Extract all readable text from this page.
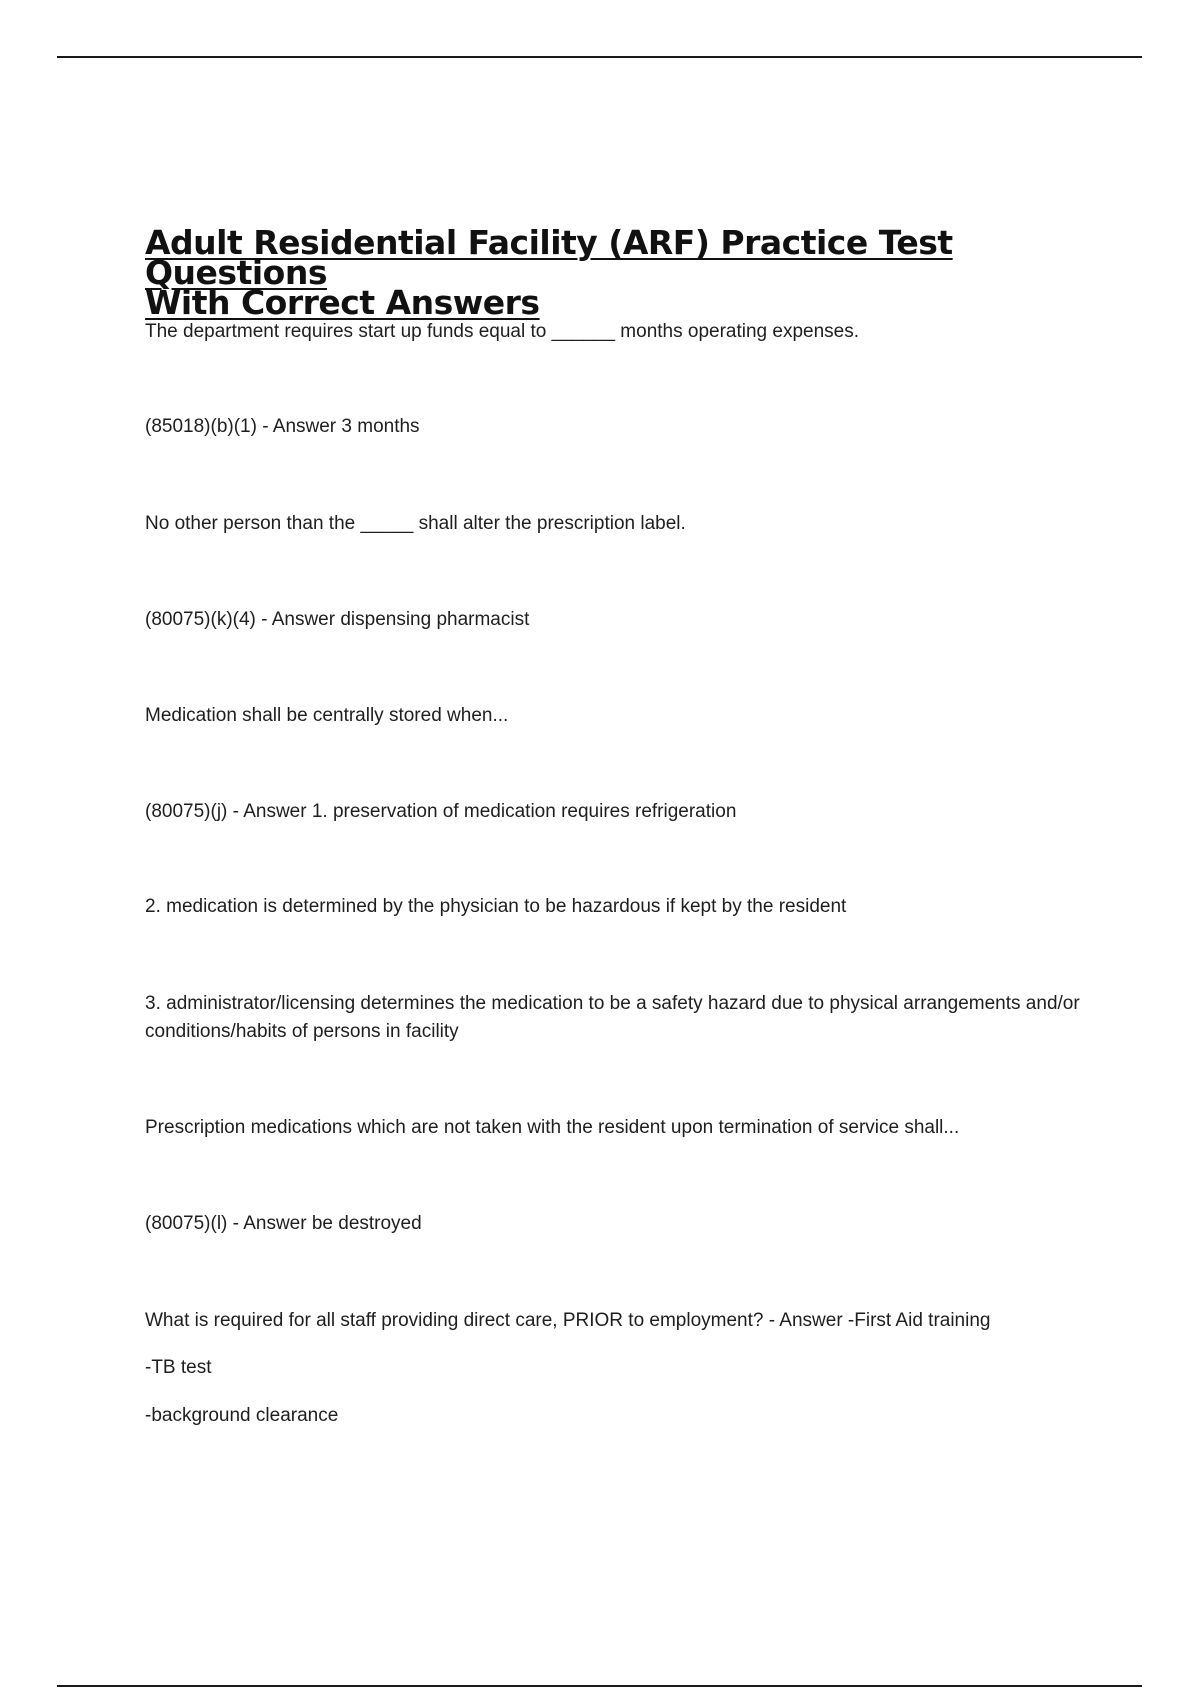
Adult Residential Facility (ARF) Practice Test Questions
With Correct Answers

The department requires start up funds equal to ______ months operating expenses.

(85018)(b)(1) - Answer 3 months

No other person than the _____ shall alter the prescription label.

(80075)(k)(4) - Answer dispensing pharmacist

Medication shall be centrally stored when...

(80075)(j) - Answer 1. preservation of medication requires refrigeration

2. medication is determined by the physician to be hazardous if kept by the resident

3. administrator/licensing determines the medication to be a safety hazard due to physical arrangements and/or conditions/habits of persons in facility

Prescription medications which are not taken with the resident upon termination of service shall...

(80075)(l) - Answer be destroyed

What is required for all staff providing direct care, PRIOR to employment? - Answer -First Aid training

-TB test

-background clearance
